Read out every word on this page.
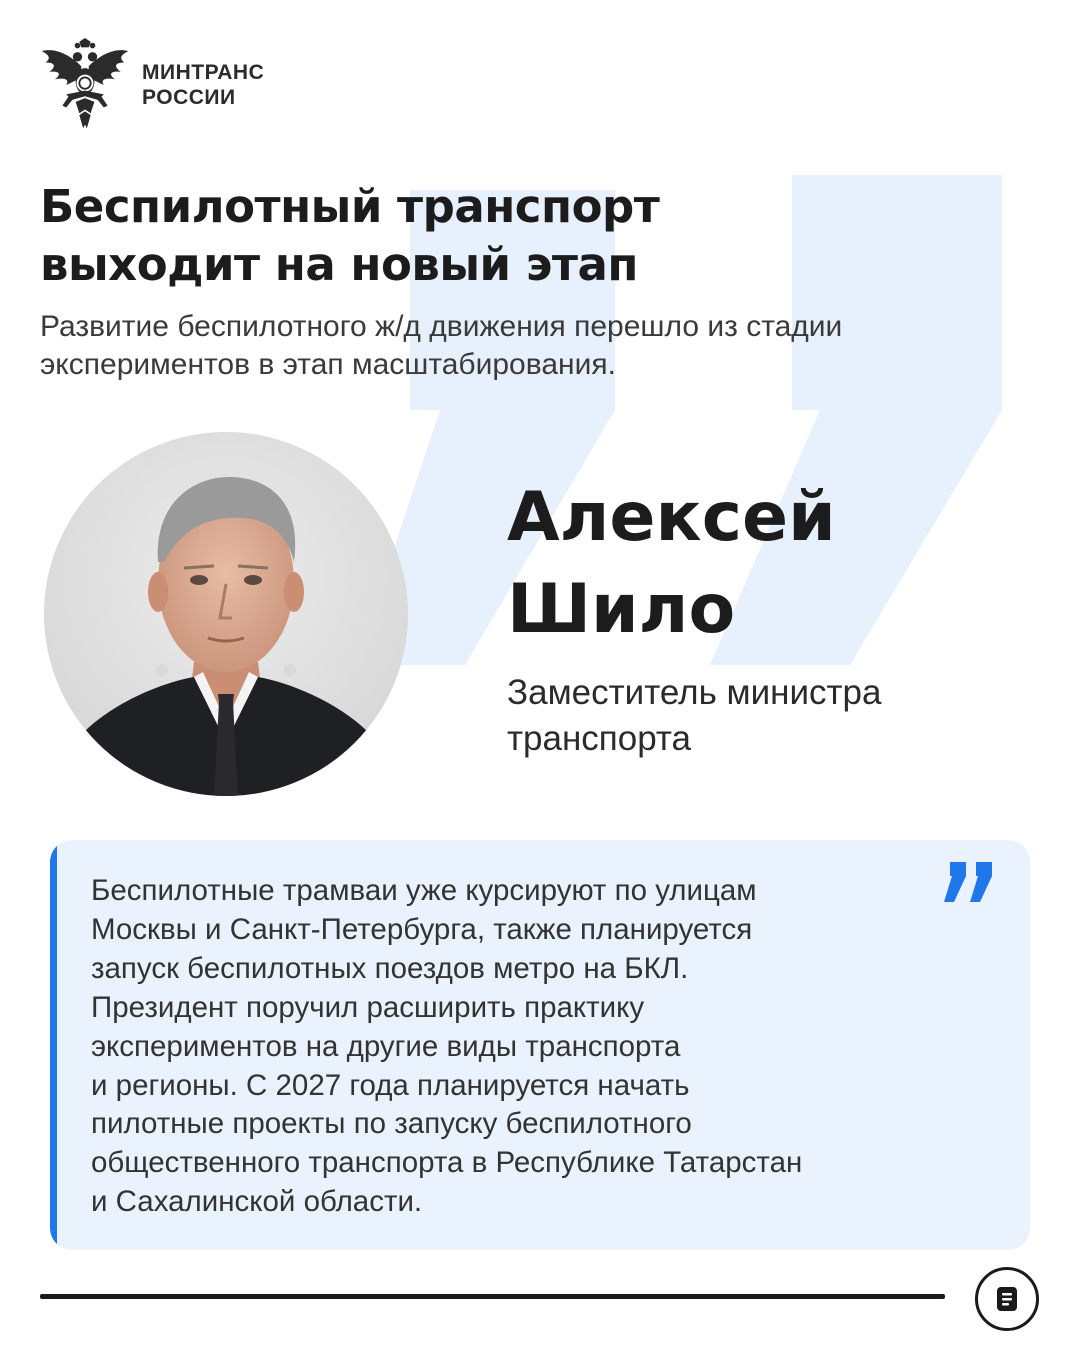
МИНТРАНС
РОССИИ
Беспилотный транспорт
выходит на новый этап

Развитие беспилотного ж/д движения перешло из стадии
экспериментов в этап масштабирования.

Алексей
Шило

Заместитель министра
транспорта

Беспилотные трамваи уже курсируют по улицам
Москвы и Санкт-Петербурга, также планируется
запуск беспилотных поездов метро на БКЛ.
Президент поручил расширить практику
экспериментов на другие виды транспорта
и регионы. С 2027 года планируется начать
пилотные проекты по запуску беспилотного
общественного транспорта в Республике Татарстан
и Сахалинской области.
